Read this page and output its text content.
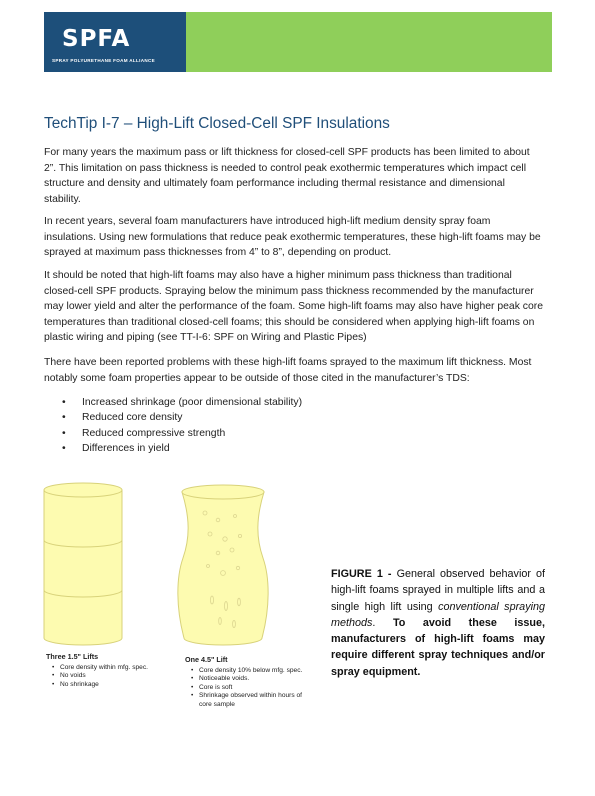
SPFA
SPRAY POLYURETHANE FOAM ALLIANCE
TechTip I-7 – High-Lift Closed-Cell SPF Insulations

For many years the maximum pass or lift thickness for closed-cell SPF products has been limited to about 2”. This limitation on pass thickness is needed to control peak exothermic temperatures which impact cell structure and density and ultimately foam performance including thermal resistance and dimensional stability.

In recent years, several foam manufacturers have introduced high-lift medium density spray foam insulations. Using new formulations that reduce peak exothermic temperatures, these high-lift foams may be sprayed at maximum pass thicknesses from 4” to 8”, depending on product.

It should be noted that high-lift foams may also have a higher minimum pass thickness than traditional closed-cell SPF products. Spraying below the minimum pass thickness recommended by the manufacturer may lower yield and alter the performance of the foam. Some high-lift foams may also have higher peak core temperatures than traditional closed-cell foams; this should be considered when applying high-lift foams on plastic wiring and piping (see TT-I-6: SPF on Wiring and Plastic Pipes)

There have been reported problems with these high-lift foams sprayed to the maximum lift thickness. Most notably some foam properties appear to be outside of those cited in the manufacturer’s TDS:

• Increased shrinkage (poor dimensional stability)
• Reduced core density
• Reduced compressive strength
• Differences in yield
Three 1.5" Lifts
• Core density within mfg. spec.
• No voids
• No shrinkage
One 4.5" Lift
• Core density 10% below mfg. spec.
• Noticeable voids.
• Core is soft
• Shrinkage observed within hours of core sample
FIGURE 1 - General observed behavior of high-lift foams sprayed in multiple lifts and a single high lift using conventional spraying methods. To avoid these issue, manufacturers of high-lift foams may require different spray techniques and/or spray equipment.
